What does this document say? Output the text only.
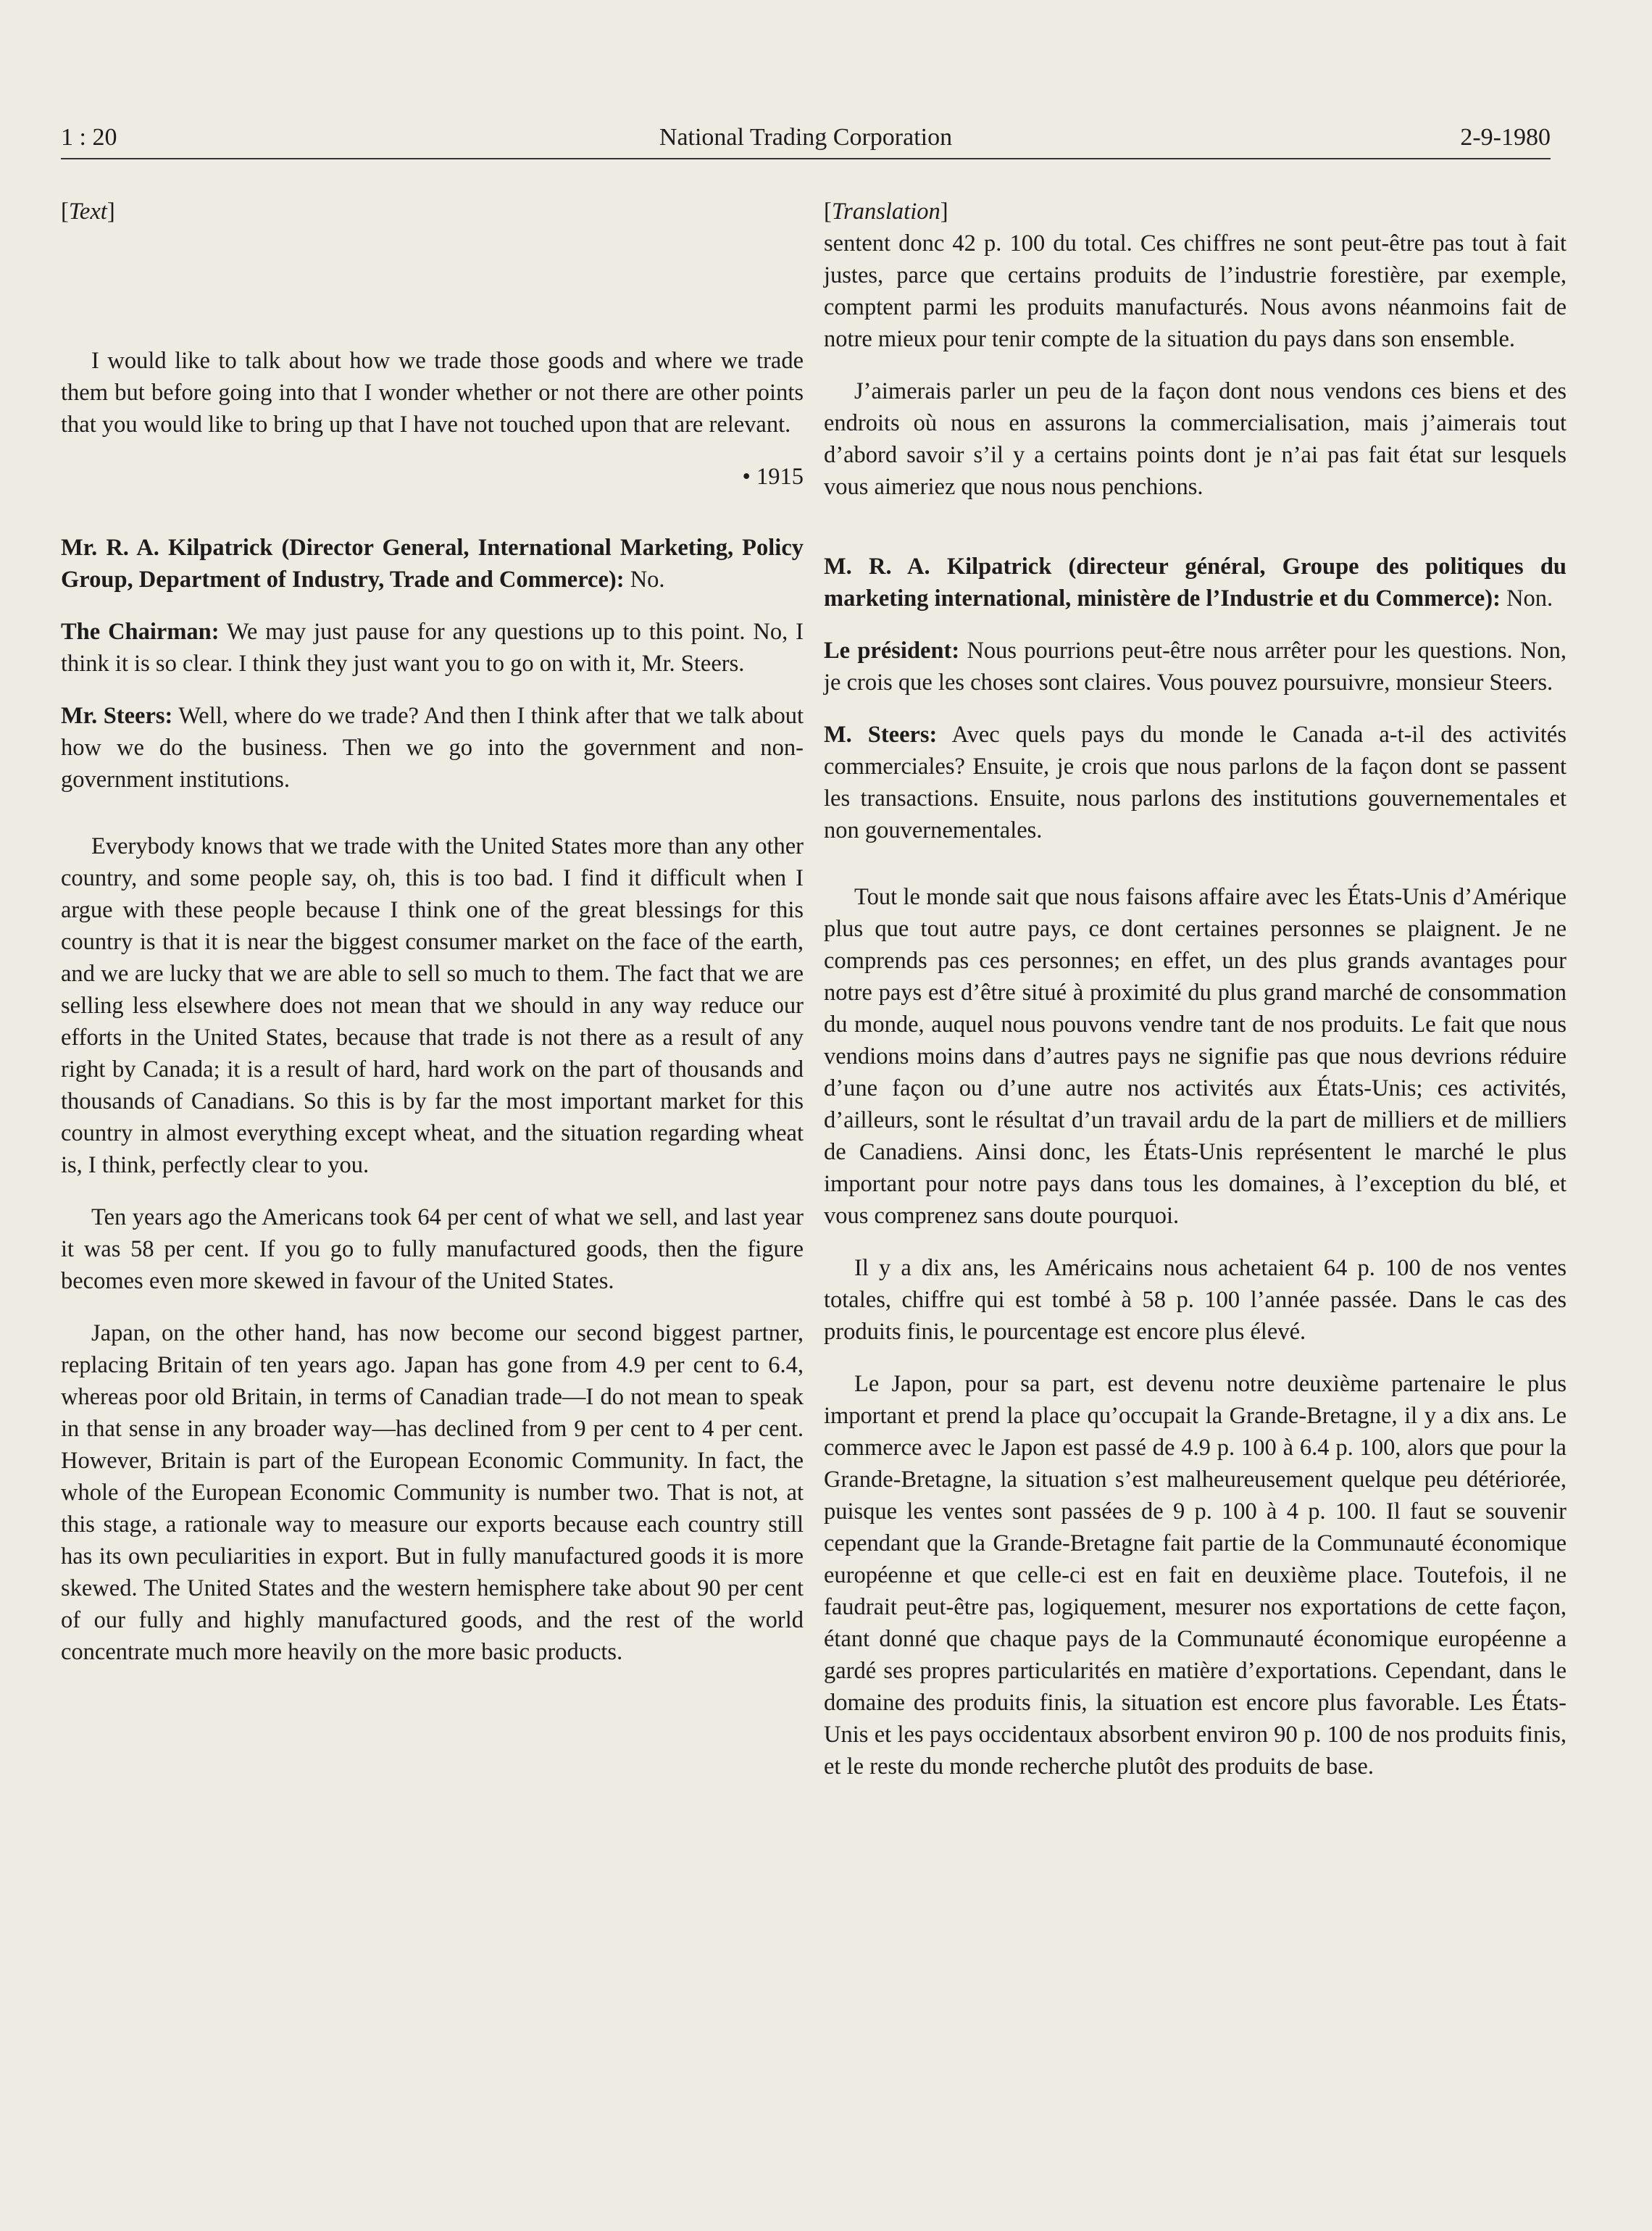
1 : 20	National Trading Corporation	2-9-1980

[Text]

I would like to talk about how we trade those goods and where we trade them but before going into that I wonder whether or not there are other points that you would like to bring up that I have not touched upon that are relevant.

• 1915

Mr. R. A. Kilpatrick (Director General, International Marketing, Policy Group, Department of Industry, Trade and Commerce): No.

The Chairman: We may just pause for any questions up to this point. No, I think it is so clear. I think they just want you to go on with it, Mr. Steers.

Mr. Steers: Well, where do we trade? And then I think after that we talk about how we do the business. Then we go into the government and non-government institutions.

Everybody knows that we trade with the United States more than any other country, and some people say, oh, this is too bad. I find it difficult when I argue with these people because I think one of the great blessings for this country is that it is near the biggest consumer market on the face of the earth, and we are lucky that we are able to sell so much to them. The fact that we are selling less elsewhere does not mean that we should in any way reduce our efforts in the United States, because that trade is not there as a result of any right by Canada; it is a result of hard, hard work on the part of thousands and thousands of Canadians. So this is by far the most important market for this country in almost everything except wheat, and the situation regarding wheat is, I think, perfectly clear to you.

Ten years ago the Americans took 64 per cent of what we sell, and last year it was 58 per cent. If you go to fully manufactured goods, then the figure becomes even more skewed in favour of the United States.

Japan, on the other hand, has now become our second biggest partner, replacing Britain of ten years ago. Japan has gone from 4.9 per cent to 6.4, whereas poor old Britain, in terms of Canadian trade—I do not mean to speak in that sense in any broader way—has declined from 9 per cent to 4 per cent. However, Britain is part of the European Economic Community. In fact, the whole of the European Economic Community is number two. That is not, at this stage, a rationale way to measure our exports because each country still has its own peculiarities in export. But in fully manufactured goods it is more skewed. The United States and the western hemisphere take about 90 per cent of our fully and highly manufactured goods, and the rest of the world concentrate much more heavily on the more basic products.

[Translation]

sentent donc 42 p. 100 du total. Ces chiffres ne sont peut-être pas tout à fait justes, parce que certains produits de l’industrie forestière, par exemple, comptent parmi les produits manufacturés. Nous avons néanmoins fait de notre mieux pour tenir compte de la situation du pays dans son ensemble.

J’aimerais parler un peu de la façon dont nous vendons ces biens et des endroits où nous en assurons la commercialisation, mais j’aimerais tout d’abord savoir s’il y a certains points dont je n’ai pas fait état sur lesquels vous aimeriez que nous nous penchions.

M. R. A. Kilpatrick (directeur général, Groupe des politiques du marketing international, ministère de l’Industrie et du Commerce): Non.

Le président: Nous pourrions peut-être nous arrêter pour les questions. Non, je crois que les choses sont claires. Vous pouvez poursuivre, monsieur Steers.

M. Steers: Avec quels pays du monde le Canada a-t-il des activités commerciales? Ensuite, je crois que nous parlons de la façon dont se passent les transactions. Ensuite, nous parlons des institutions gouvernementales et non gouvernementales.

Tout le monde sait que nous faisons affaire avec les États-Unis d’Amérique plus que tout autre pays, ce dont certaines personnes se plaignent. Je ne comprends pas ces personnes; en effet, un des plus grands avantages pour notre pays est d’être situé à proximité du plus grand marché de consommation du monde, auquel nous pouvons vendre tant de nos produits. Le fait que nous vendions moins dans d’autres pays ne signifie pas que nous devrions réduire d’une façon ou d’une autre nos activités aux États-Unis; ces activités, d’ailleurs, sont le résultat d’un travail ardu de la part de milliers et de milliers de Canadiens. Ainsi donc, les États-Unis représentent le marché le plus important pour notre pays dans tous les domaines, à l’exception du blé, et vous comprenez sans doute pourquoi.

Il y a dix ans, les Américains nous achetaient 64 p. 100 de nos ventes totales, chiffre qui est tombé à 58 p. 100 l’année passée. Dans le cas des produits finis, le pourcentage est encore plus élevé.

Le Japon, pour sa part, est devenu notre deuxième partenaire le plus important et prend la place qu’occupait la Grande-Bretagne, il y a dix ans. Le commerce avec le Japon est passé de 4.9 p. 100 à 6.4 p. 100, alors que pour la Grande-Bretagne, la situation s’est malheureusement quelque peu détériorée, puisque les ventes sont passées de 9 p. 100 à 4 p. 100. Il faut se souvenir cependant que la Grande-Bretagne fait partie de la Communauté économique européenne et que celle-ci est en fait en deuxième place. Toutefois, il ne faudrait peut-être pas, logiquement, mesurer nos exportations de cette façon, étant donné que chaque pays de la Communauté économique européenne a gardé ses propres particularités en matière d’exportations. Cependant, dans le domaine des produits finis, la situation est encore plus favorable. Les États-Unis et les pays occidentaux absorbent environ 90 p. 100 de nos produits finis, et le reste du monde recherche plutôt des produits de base.
